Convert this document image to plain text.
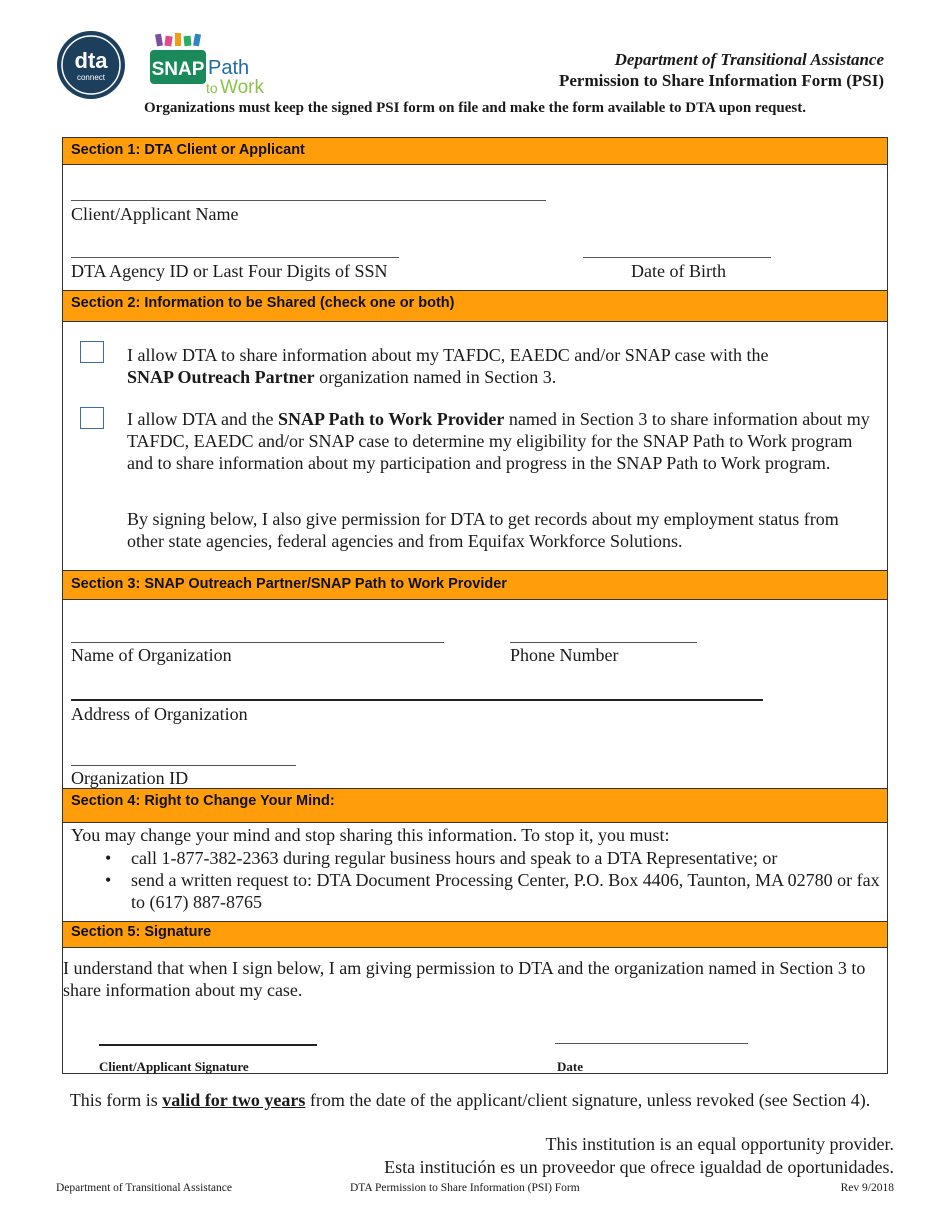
dta
connect SNAP Path
to Work
Department of Transitional Assistance
Permission to Share Information Form (PSI)
Organizations must keep the signed PSI form on file and make the form available to DTA upon request.
Section 1: DTA Client or Applicant
Client/Applicant Name
DTA Agency ID or Last Four Digits of SSN	Date of Birth
Section 2: Information to be Shared (check one or both)
I allow DTA to share information about my TAFDC, EAEDC and/or SNAP case with the
SNAP Outreach Partner organization named in Section 3.
I allow DTA and the SNAP Path to Work Provider named in Section 3 to share information about my TAFDC, EAEDC and/or SNAP case to determine my eligibility for the SNAP Path to Work program and to share information about my participation and progress in the SNAP Path to Work program.
By signing below, I also give permission for DTA to get records about my employment status from other state agencies, federal agencies and from Equifax Workforce Solutions.
Section 3: SNAP Outreach Partner/SNAP Path to Work Provider
Name of Organization	Phone Number
Address of Organization
Organization ID
Section 4: Right to Change Your Mind:
You may change your mind and stop sharing this information. To stop it, you must:
• call 1-877-382-2363 during regular business hours and speak to a DTA Representative; or
• send a written request to: DTA Document Processing Center, P.O. Box 4406, Taunton, MA 02780 or fax to (617) 887-8765
Section 5: Signature
I understand that when I sign below, I am giving permission to DTA and the organization named in Section 3 to share information about my case.
Client/Applicant Signature	Date
This form is valid for two years from the date of the applicant/client signature, unless revoked (see Section 4).
This institution is an equal opportunity provider.
Esta institución es un proveedor que ofrece igualdad de oportunidades.
Department of Transitional Assistance	DTA Permission to Share Information (PSI) Form	Rev 9/2018
